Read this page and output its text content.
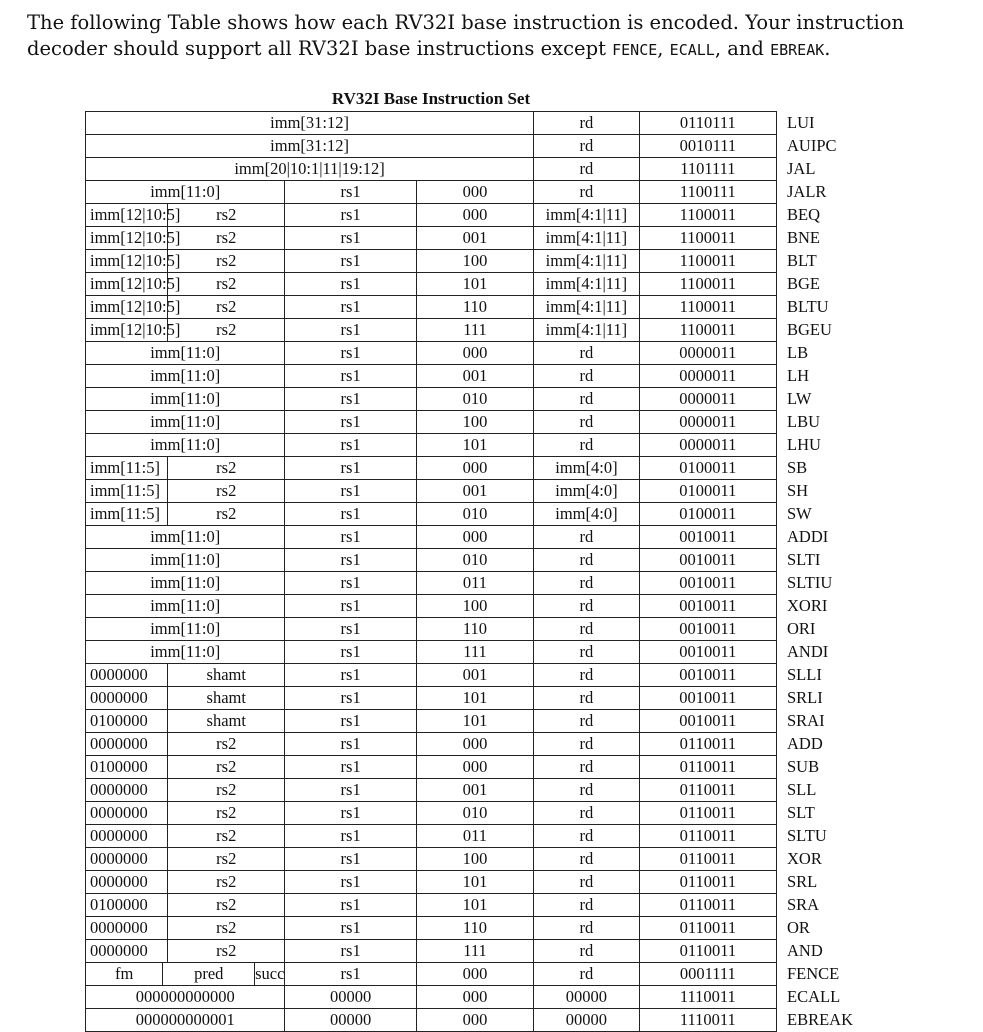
The following Table shows how each RV32I base instruction is encoded. Your instruction decoder should support all RV32I base instructions except FENCE, ECALL, and EBREAK.

RV32I Base Instruction Set
imm[31:12]				rd	0110111	LUI
imm[31:12]				rd	0010111	AUIPC
imm[20|10:1|11|19:12]				rd	1101111	JAL
imm[11:0]		rs1	000	rd	1100111	JALR
imm[12|10:5]	rs2	rs1	000	imm[4:1|11]	1100011	BEQ
imm[12|10:5]	rs2	rs1	001	imm[4:1|11]	1100011	BNE
imm[12|10:5]	rs2	rs1	100	imm[4:1|11]	1100011	BLT
imm[12|10:5]	rs2	rs1	101	imm[4:1|11]	1100011	BGE
imm[12|10:5]	rs2	rs1	110	imm[4:1|11]	1100011	BLTU
imm[12|10:5]	rs2	rs1	111	imm[4:1|11]	1100011	BGEU
imm[11:0]		rs1	000	rd	0000011	LB
imm[11:0]		rs1	001	rd	0000011	LH
imm[11:0]		rs1	010	rd	0000011	LW
imm[11:0]		rs1	100	rd	0000011	LBU
imm[11:0]		rs1	101	rd	0000011	LHU
imm[11:5]	rs2	rs1	000	imm[4:0]	0100011	SB
imm[11:5]	rs2	rs1	001	imm[4:0]	0100011	SH
imm[11:5]	rs2	rs1	010	imm[4:0]	0100011	SW
imm[11:0]		rs1	000	rd	0010011	ADDI
imm[11:0]		rs1	010	rd	0010011	SLTI
imm[11:0]		rs1	011	rd	0010011	SLTIU
imm[11:0]		rs1	100	rd	0010011	XORI
imm[11:0]		rs1	110	rd	0010011	ORI
imm[11:0]		rs1	111	rd	0010011	ANDI
0000000	shamt	rs1	001	rd	0010011	SLLI
0000000	shamt	rs1	101	rd	0010011	SRLI
0100000	shamt	rs1	101	rd	0010011	SRAI
0000000	rs2	rs1	000	rd	0110011	ADD
0100000	rs2	rs1	000	rd	0110011	SUB
0000000	rs2	rs1	001	rd	0110011	SLL
0000000	rs2	rs1	010	rd	0110011	SLT
0000000	rs2	rs1	011	rd	0110011	SLTU
0000000	rs2	rs1	100	rd	0110011	XOR
0000000	rs2	rs1	101	rd	0110011	SRL
0100000	rs2	rs1	101	rd	0110011	SRA
0000000	rs2	rs1	110	rd	0110011	OR
0000000	rs2	rs1	111	rd	0110011	AND

fm pred succ		rs1	000	rd	0001111	FENCE
000000000000		00000	000	00000	1110011	ECALL
000000000001		00000	000	00000	1110011	EBREAK
